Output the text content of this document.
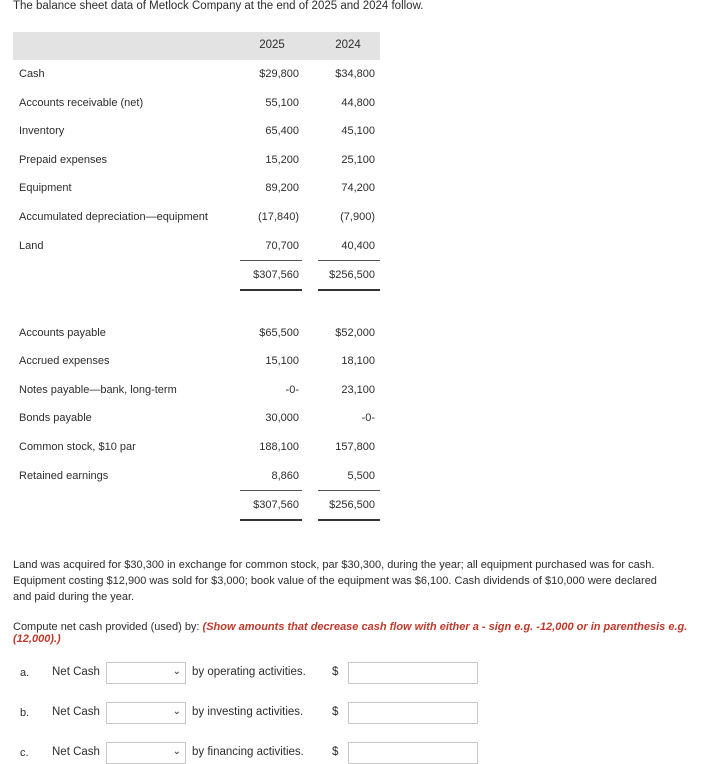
The balance sheet data of Metlock Company at the end of 2025 and 2024 follow.
2025	2024
Cash	$29,800	$34,800
Accounts receivable (net)	55,100	44,800
Inventory	65,400	45,100
Prepaid expenses	15,200	25,100
Equipment	89,200	74,200
Accumulated depreciation—equipment	(17,840)	(7,900)
Land	70,700	40,400
$307,560	$256,500
Accounts payable	$65,500	$52,000
Accrued expenses	15,100	18,100
Notes payable—bank, long-term	-0-	23,100
Bonds payable	30,000	-0-
Common stock, $10 par	188,100	157,800
Retained earnings	8,860	5,500
$307,560	$256,500
Land was acquired for $30,300 in exchange for common stock, par $30,300, during the year; all equipment purchased was for cash.
Equipment costing $12,900 was sold for $3,000; book value of the equipment was $6,100. Cash dividends of $10,000 were declared
and paid during the year.
Compute net cash provided (used) by: (Show amounts that decrease cash flow with either a - sign e.g. -12,000 or in parenthesis e.g. (12,000).)
a. Net Cash	⌄ by operating activities. $
b. Net Cash	⌄ by investing activities.	$
c. Net Cash	⌄ by financing activities. $
